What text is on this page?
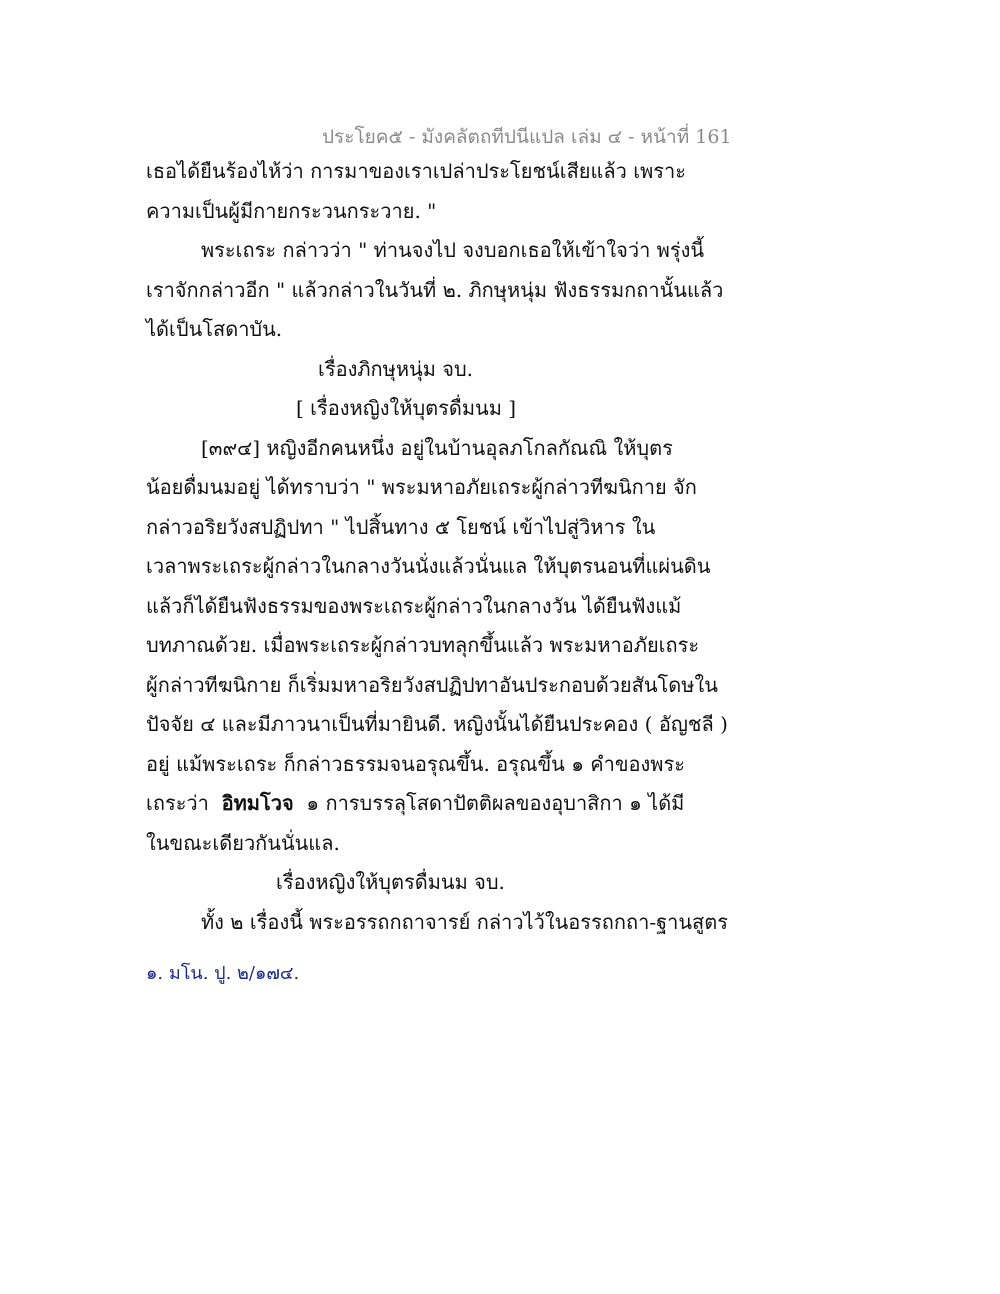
ประโยค๕ - มังคลัตถทีปนีแปล เล่ม ๔ - หน้าที่ 161
เธอได้ยืนร้องไห้ว่า การมาของเราเปล่าประโยชน์เสียแล้ว เพราะ
ความเป็นผู้มีกายกระวนกระวาย. "
พระเถระ กล่าวว่า " ท่านจงไป จงบอกเธอให้เข้าใจว่า พรุ่งนี้
เราจักกล่าวอีก " แล้วกล่าวในวันที่ ๒. ภิกษุหนุ่ม ฟังธรรมกถานั้นแล้ว
ได้เป็นโสดาบัน.
เรื่องภิกษุหนุ่ม จบ.
[ เรื่องหญิงให้บุตรดื่มนม ]
[๓๙๔] หญิงอีกคนหนึ่ง อยู่ในบ้านอุลภโกลกัณณิ ให้บุตร
น้อยดื่มนมอยู่ ได้ทราบว่า " พระมหาอภัยเถระผู้กล่าวทีฆนิกาย จัก
กล่าวอริยวังสปฏิปทา " ไปสิ้นทาง ๕ โยชน์ เข้าไปสู่วิหาร ใน
เวลาพระเถระผู้กล่าวในกลางวันนั่งแล้วนั่นแล ให้บุตรนอนที่แผ่นดิน
แล้วก็ได้ยืนฟังธรรมของพระเถระผู้กล่าวในกลางวัน ได้ยืนฟังแม้
บทภาณด้วย. เมื่อพระเถระผู้กล่าวบทลุกขึ้นแล้ว พระมหาอภัยเถระ
ผู้กล่าวทีฆนิกาย ก็เริ่มมหาอริยวังสปฏิปทาอันประกอบด้วยสันโดษใน
ปัจจัย ๔ และมีภาวนาเป็นที่มายินดี. หญิงนั้นได้ยืนประคอง ( อัญชลี )
อยู่ แม้พระเถระ ก็กล่าวธรรมจนอรุณขึ้น. อรุณขึ้น ๑ คำของพระ
เถระว่า อิทมโวจ ๑ การบรรลุโสดาปัตติผลของอุบาสิกา ๑ ได้มี
ในขณะเดียวกันนั่นแล.
เรื่องหญิงให้บุตรดื่มนม จบ.
ทั้ง ๒ เรื่องนี้ พระอรรถกถาจารย์ กล่าวไว้ในอรรถกถา-ฐานสูตร
๑. มโน. ปู. ๒/๑๗๔.
